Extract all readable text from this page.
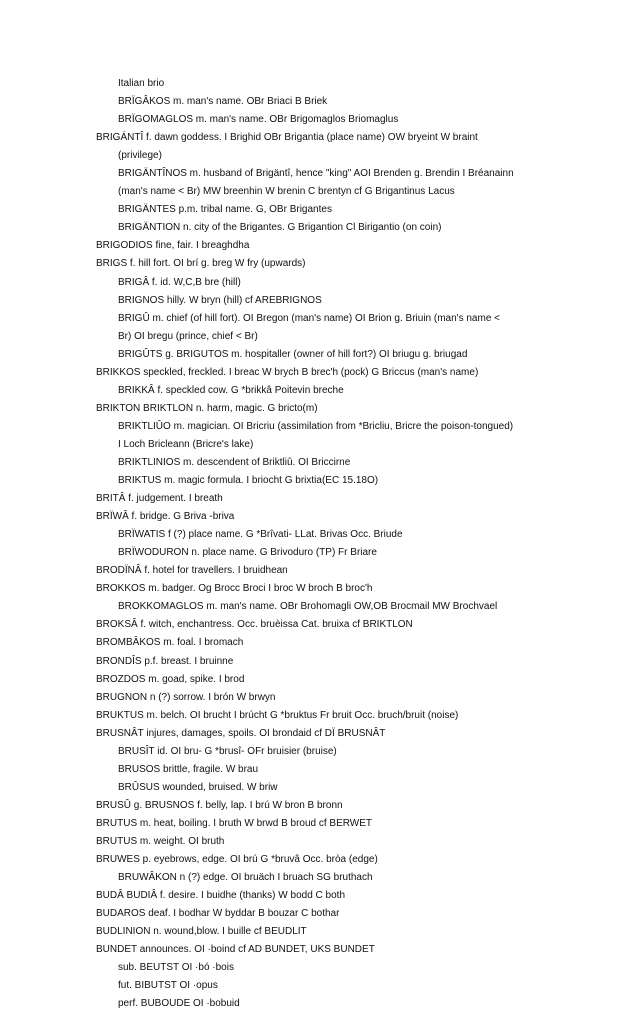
Italian brio
BRÏGÂKOS m. man's name. OBr Briaci B Briek
BRÏGOMAGLOS m. man's name. OBr Brigomaglos Briomaglus
BRIGÁNTÎ f. dawn goddess. I Brighid OBr Brigantia (place name) OW bryeint W braint
(privilege)
BRIGÄNTÎNOS m. husband of Brigäntî, hence "king" AOI Brenden g. Brendin I Bréanainn
(man's name < Br) MW breenhin W brenin C brentyn cf G Brigantinus Lacus
BRIGÄNTES p.m. tribal name. G, OBr Brigantes
BRIGÄNTION n. city of the Brigantes. G Brigantion Cl Birigantio (on coin)
BRIGODIOS fine, fair. I breaghdha
BRIGS f. hill fort. OI brí g. breg W fry (upwards)
BRIGÂ f. id. W,C,B bre (hill)
BRIGNOS hilly. W bryn (hill) cf AREBRIGNOS
BRIGÛ m. chief (of hill fort). OI Bregon (man's name) OI Brion g. Briuin (man's name <
Br) OI bregu (prince, chief < Br)
BRIGÛTS g. BRIGUTOS m. hospitaller (owner of hill fort?) OI briugu g. briugad
BRIKKOS speckled, freckled. I breac W brych B brec'h (pock) G Briccus (man's name)
BRIKKÂ f. speckled cow. G *brikkâ Poitevin breche
BRIKTON BRIKTLON n. harm, magic. G bricto(m)
BRIKTLIÛO m. magician. OI Bricriu (assimilation from *Bricliu, Bricre the poison-tongued)
I Loch Bricleann (Bricre's lake)
BRIKTLINIOS m. descendent of Briktliû. OI Briccirne
BRIKTUS m. magic formula. I briocht G brixtia(EC 15.18O)
BRITÂ f. judgement. I breath
BRÏWÂ f. bridge. G Briva -briva
BRÏWATIS f (?) place name. G *Brîvati- LLat. Brivas Occ. Briude
BRÏWODURON n. place name. G Brivoduro (TP) Fr Briare
BRODÏNÂ f. hotel for travellers. I bruidhean
BROKKOS m. badger. Og Brocc Broci I broc W broch B broc'h
BROKKOMAGLOS m. man's name. OBr Brohomagli OW,OB Brocmail MW Brochvael
BROKSÂ f. witch, enchantress. Occ. bruèissa Cat. bruixa cf BRIKTLON
BROMBÂKOS m. foal. I bromach
BRONDÎS p.f. breast. I bruinne
BROZDOS m. goad, spike. I brod
BRUGNON n (?) sorrow. I brón W brwyn
BRUKTUS m. belch. OI brucht I brúcht G *bruktus Fr bruit Occ. bruch/bruit (noise)
BRUSNÂT injures, damages, spoils. OI brondaid cf DÏ BRUSNÂT
BRUSÎT id. OI bru- G *brusî- OFr bruisier (bruise)
BRUSOS brittle, fragile. W brau
BRÛSUS wounded, bruised. W briw
BRUSÛ g. BRUSNOS f. belly, lap. I brú W bron B bronn
BRUTUS m. heat, boiling. I bruth W brwd B broud cf BERWET
BRUTUS m. weight. OI bruth
BRUWES p. eyebrows, edge. OI brú G *bruvâ Occ. bròa (edge)
BRUWÂKON n (?) edge. OI bruäch I bruach SG bruthach
BUDÂ BUDIÂ f. desire. I buidhe (thanks) W bodd C both
BUDAROS deaf. I bodhar W byddar B bouzar C bothar
BUDLINION n. wound,blow. I buille cf BEUDLIT
BUNDET announces. OI ·boind cf AD BUNDET, UKS BUNDET
sub. BEUTST OI ·bó ·bois
fut. BIBUTST OI ·opus
perf. BUBOUDE OI ·bobuid
